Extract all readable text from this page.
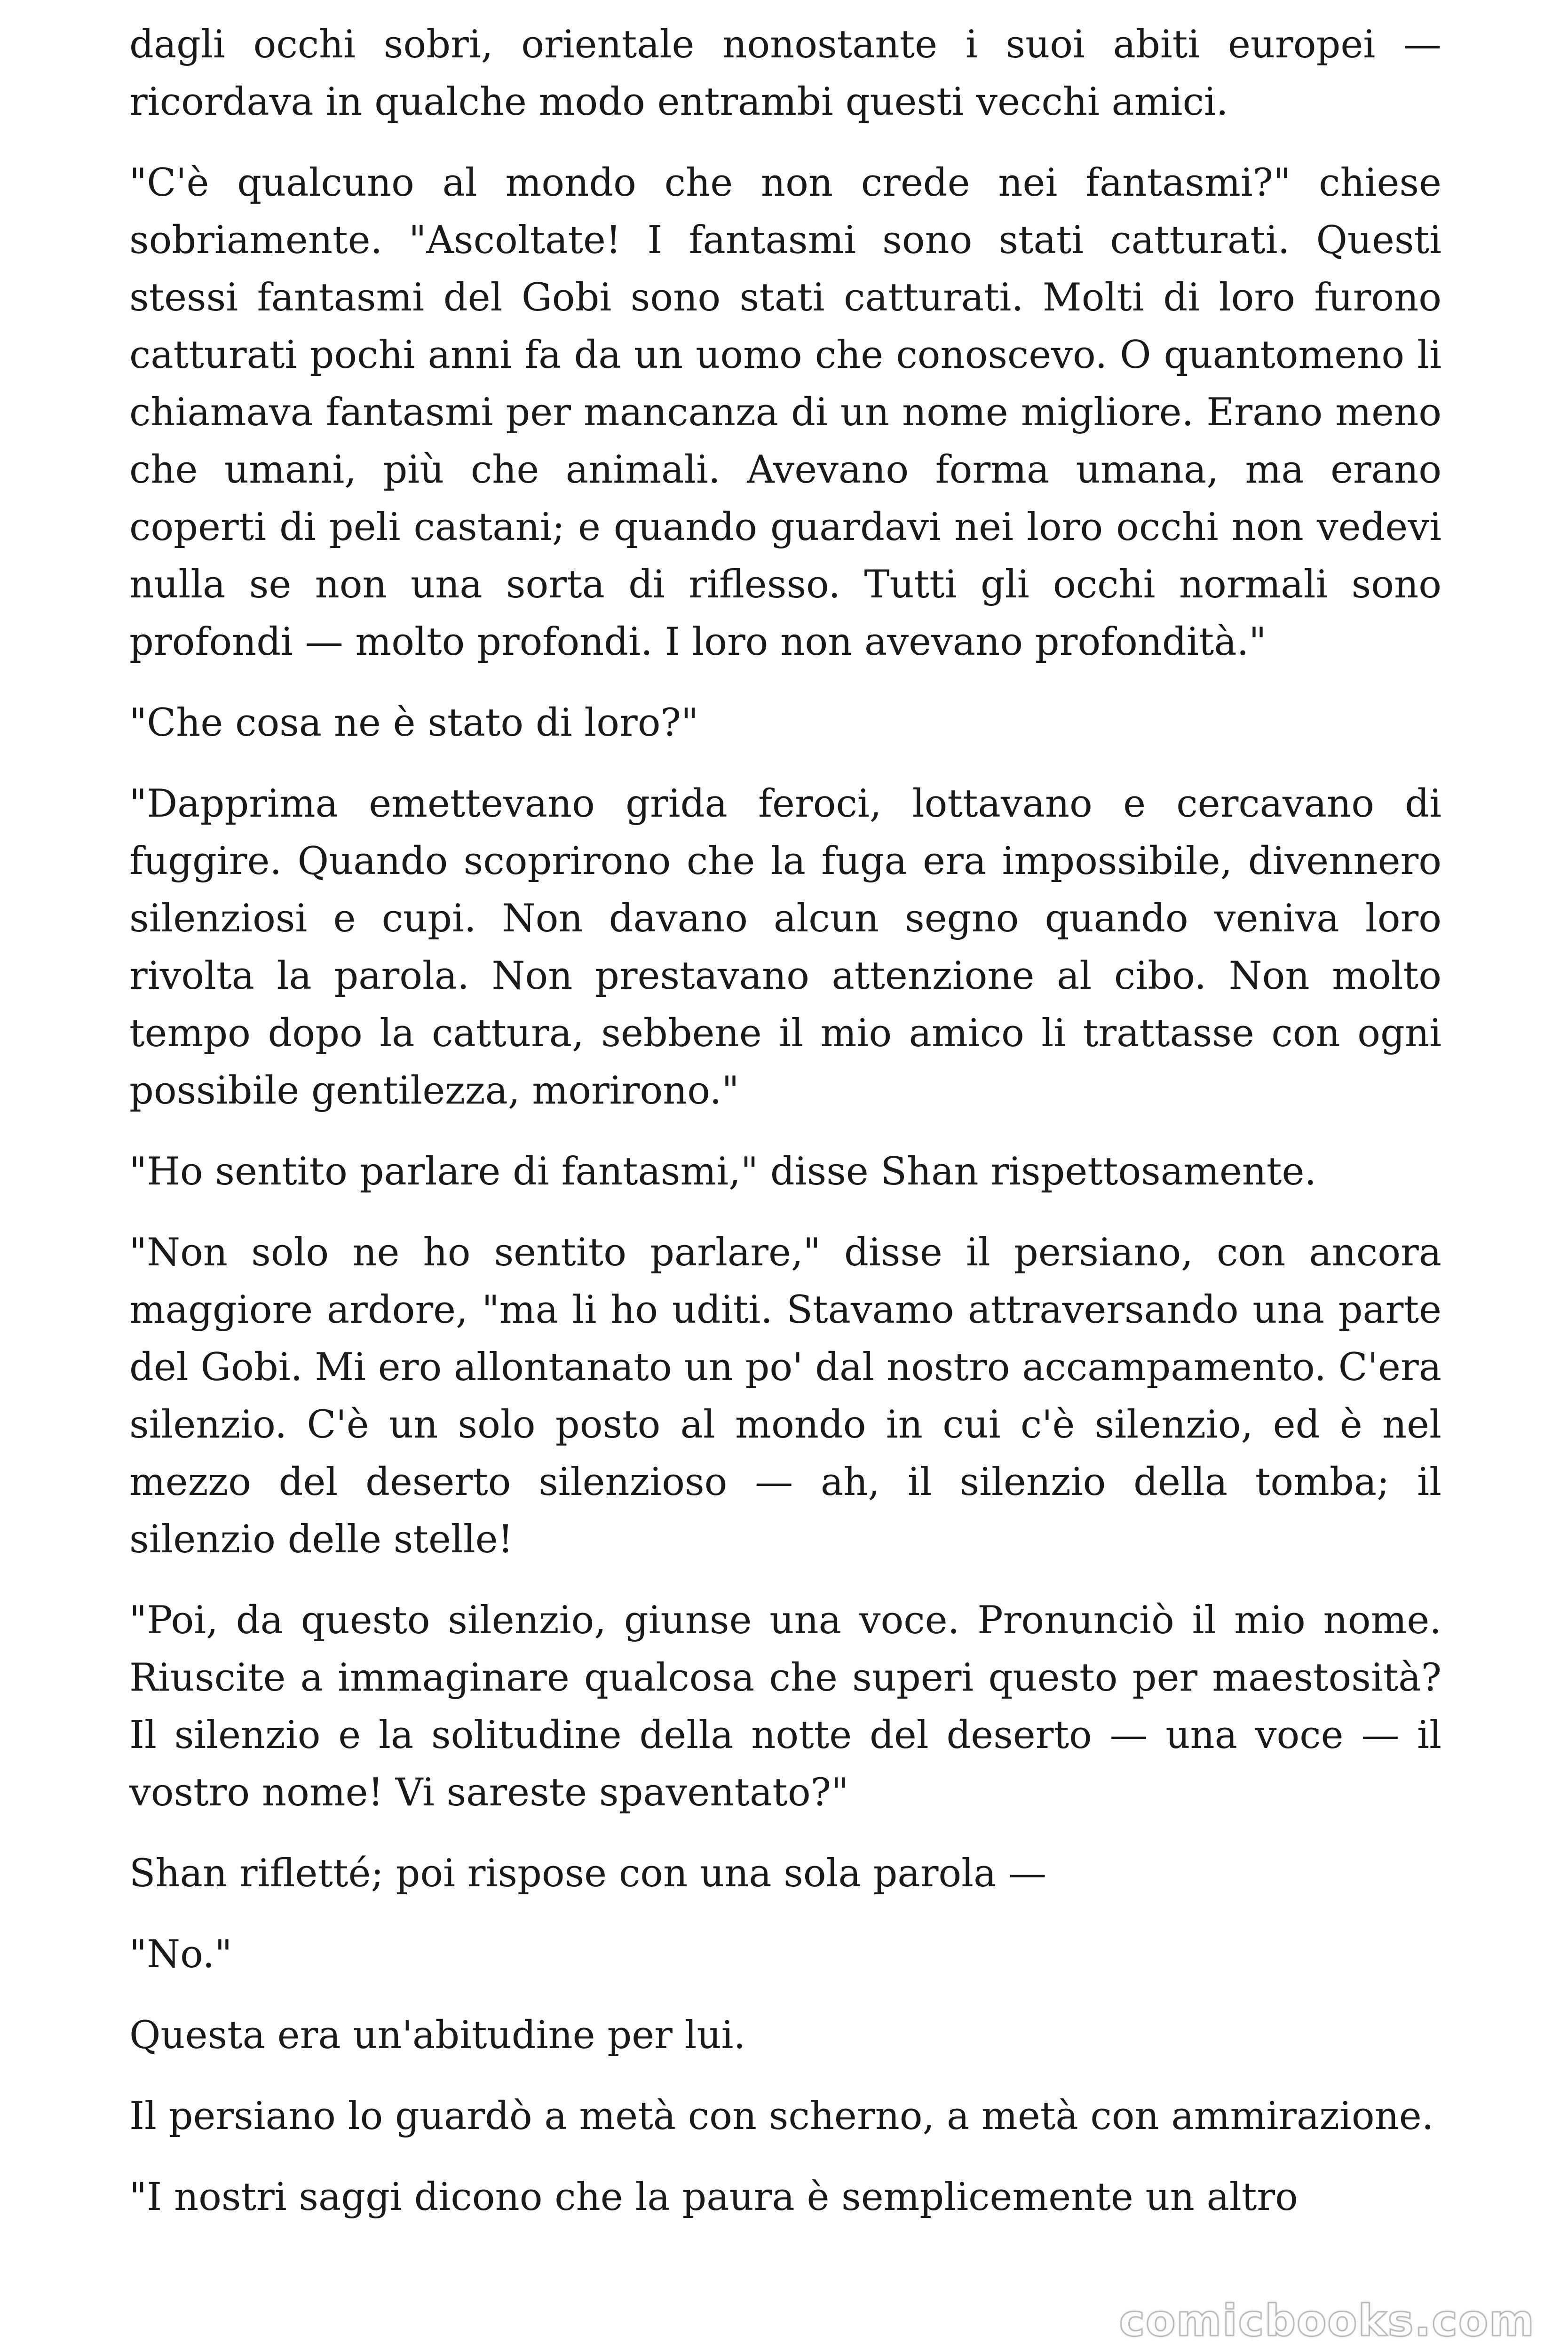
dagli occhi sobri, orientale nonostante i suoi abiti europei — ricordava in qualche modo entrambi questi vecchi amici.

"C'è qualcuno al mondo che non crede nei fantasmi?" chiese sobriamente. "Ascoltate! I fantasmi sono stati catturati. Questi stessi fantasmi del Gobi sono stati catturati. Molti di loro furono catturati pochi anni fa da un uomo che conoscevo. O quantomeno li chiamava fantasmi per mancanza di un nome migliore. Erano meno che umani, più che animali. Avevano forma umana, ma erano coperti di peli castani; e quando guardavi nei loro occhi non vedevi nulla se non una sorta di riflesso. Tutti gli occhi normali sono profondi — molto profondi. I loro non avevano profondità."

"Che cosa ne è stato di loro?"

"Dapprima emettevano grida feroci, lottavano e cercavano di fuggire. Quando scoprirono che la fuga era impossibile, divennero silenziosi e cupi. Non davano alcun segno quando veniva loro rivolta la parola. Non prestavano attenzione al cibo. Non molto tempo dopo la cattura, sebbene il mio amico li trattasse con ogni possibile gentilezza, morirono."

"Ho sentito parlare di fantasmi," disse Shan rispettosamente.

"Non solo ne ho sentito parlare," disse il persiano, con ancora maggiore ardore, "ma li ho uditi. Stavamo attraversando una parte del Gobi. Mi ero allontanato un po' dal nostro accampamento. C'era silenzio. C'è un solo posto al mondo in cui c'è silenzio, ed è nel mezzo del deserto silenzioso — ah, il silenzio della tomba; il silenzio delle stelle!

"Poi, da questo silenzio, giunse una voce. Pronunciò il mio nome. Riuscite a immaginare qualcosa che superi questo per maestosità? Il silenzio e la solitudine della notte del deserto — una voce — il vostro nome! Vi sareste spaventato?"

Shan rifletté; poi rispose con una sola parola —

"No."

Questa era un'abitudine per lui.

Il persiano lo guardò a metà con scherno, a metà con ammirazione.

"I nostri saggi dicono che la paura è semplicemente un altro

comicbooks.com
